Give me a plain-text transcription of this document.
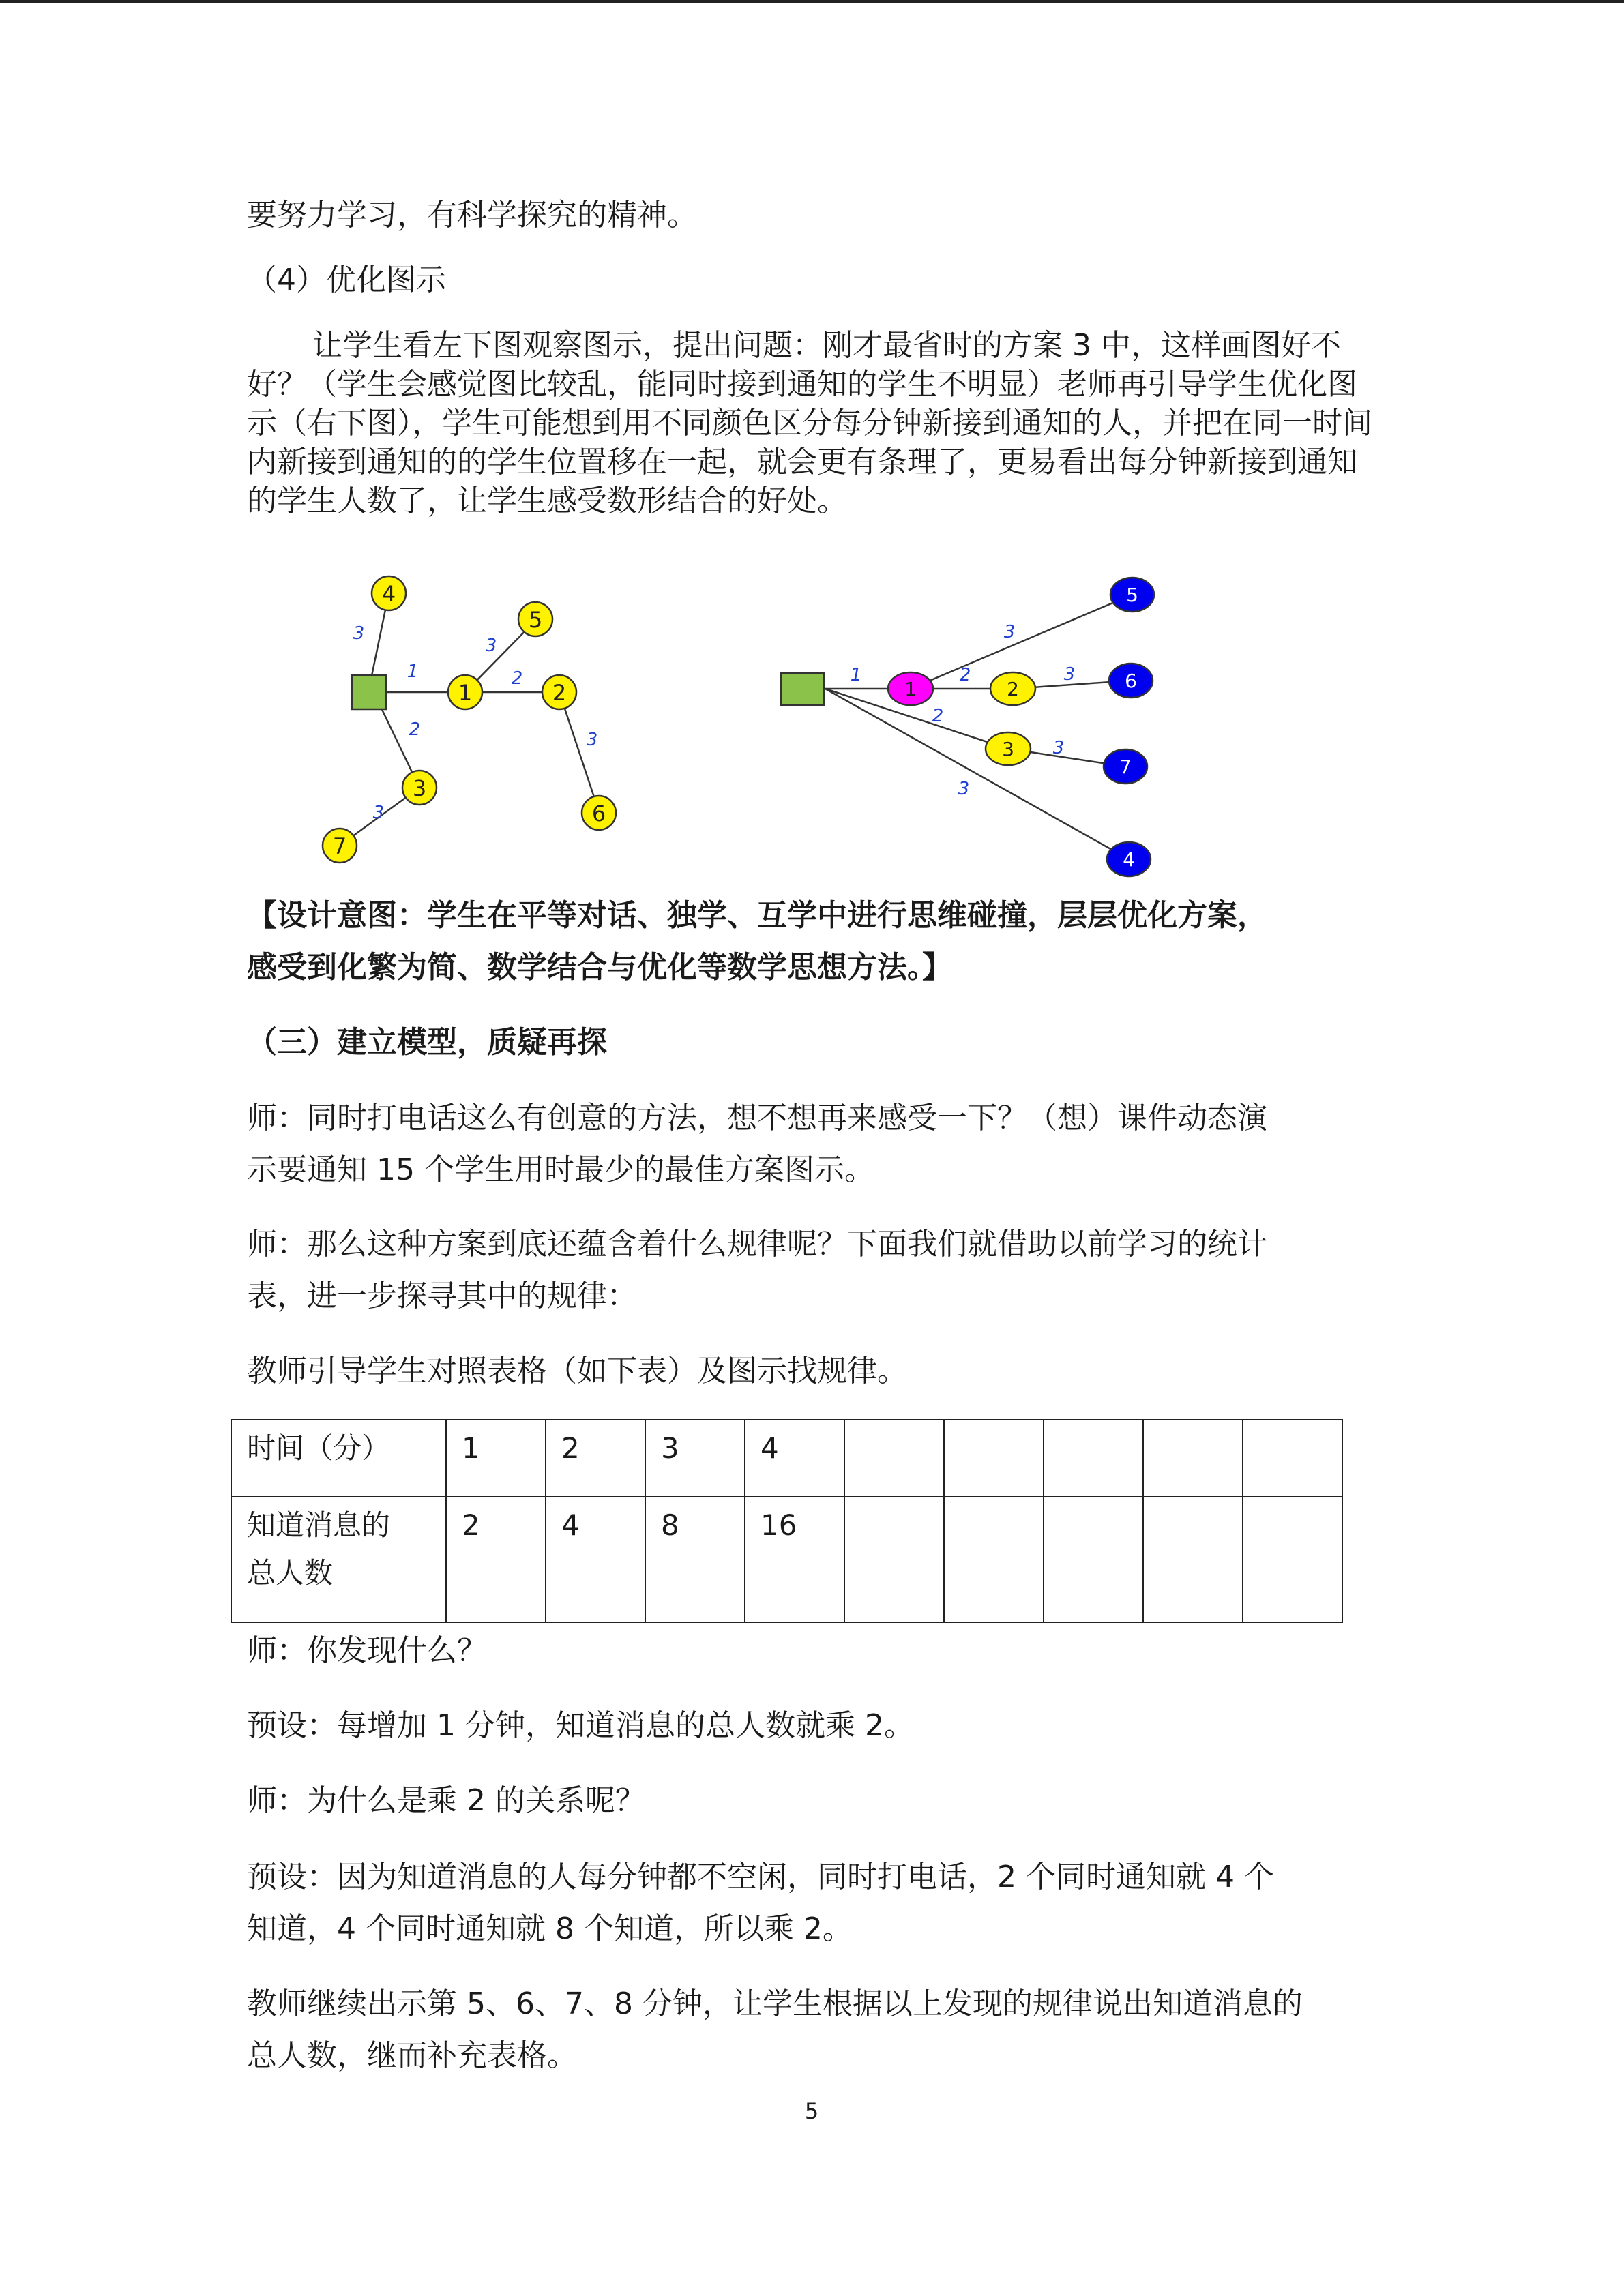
要努力学习，有科学探究的精神。
（4）优化图示
让学生看左下图观察图示，提出问题：刚才最省时的方案 3 中，这样画图好不好？（学生会感觉图比较乱，能同时接到通知的学生不明显）老师再引导学生优化图示（右下图），学生可能想到用不同颜色区分每分钟新接到通知的人，并把在同一时间内新接到通知的的学生位置移在一起，就会更有条理了，更易看出每分钟新接到通知的学生人数了，让学生感受数形结合的好处。
4
5
1	2
3
7
6
3
3
1	2
2
3
3
1	2
3
5
6
7
4
1	2
2
3
3
3
3
【设计意图：学生在平等对话、独学、互学中进行思维碰撞，层层优化方案，
感受到化繁为简、数学结合与优化等数学思想方法。】
（三）建立模型，质疑再探
师：同时打电话这么有创意的方法，想不想再来感受一下？（想）课件动态演
示要通知 15 个学生用时最少的最佳方案图示。
师：那么这种方案到底还蕴含着什么规律呢？下面我们就借助以前学习的统计
表，进一步探寻其中的规律：
教师引导学生对照表格（如下表）及图示找规律。
时间（分）	1	2	3	4					

知道消息的
总人数	2	4	8	16					
师：你发现什么？
预设：每增加 1 分钟，知道消息的总人数就乘 2。
师：为什么是乘 2 的关系呢？
预设：因为知道消息的人每分钟都不空闲，同时打电话，2 个同时通知就 4 个
知道，4 个同时通知就 8 个知道，所以乘 2。
教师继续出示第 5、6、7、8 分钟，让学生根据以上发现的规律说出知道消息的
总人数，继而补充表格。
5
